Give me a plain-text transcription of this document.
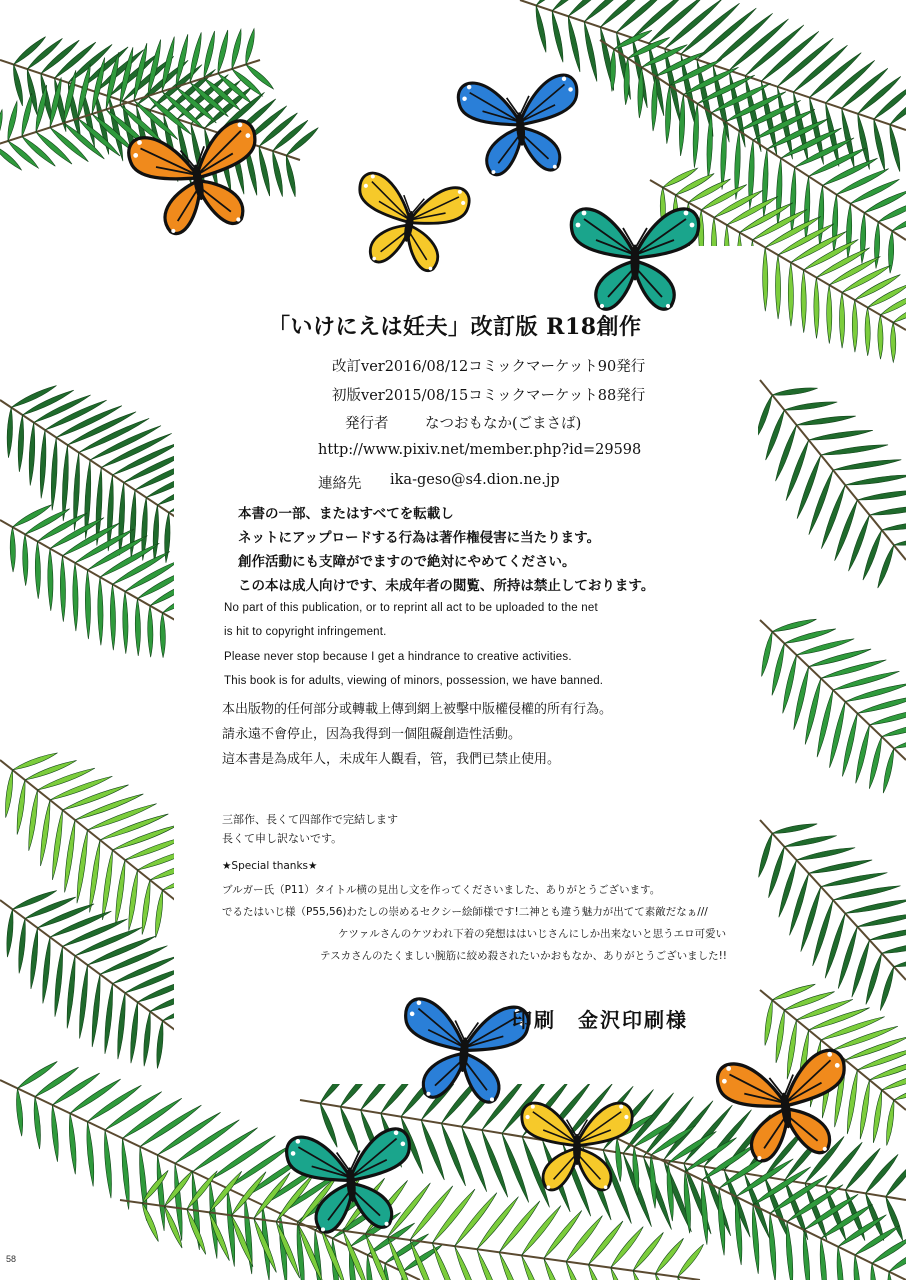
「いけにえは妊夫」改訂版 R18創作
改訂ver2016/08/12コミックマーケット90発行
初版ver2015/08/15コミックマーケット88発行
発行者	なつおもなか(ごまさば)
http://www.pixiv.net/member.php?id=29598
連絡先 ika-geso@s4.dion.ne.jp
本書の一部、またはすべてを転載し
ネットにアップロードする行為は著作権侵害に当たります。
創作活動にも支障がでますので絶対にやめてください。
この本は成人向けです、未成年者の閲覧、所持は禁止しております。
No part of this publication, or to reprint all act to be uploaded to the net
is hit to copyright infringement.
Please never stop because I get a hindrance to creative activities.
This book is for adults, viewing of minors, possession, we have banned.
本出版物的任何部分或轉載上傳到網上被擊中版權侵權的所有行為。
請永遠不會停止，因為我得到一個阻礙創造性活動。
這本書是為成年人，未成年人觀看，管，我們已禁止使用。
三部作、長くて四部作で完結します
長くて申し訳ないです。
★Special thanks★
ブルガー氏（P11）タイトル横の見出し文を作ってくださいました、ありがとうございます。
でるたはいじ様（P55,56)わたしの崇めるセクシー絵師様です!二神とも違う魅力が出てて素敵だなぁ///
ケツァルさんのケツわれ下着の発想ははいじさんにしか出来ないと思うエロ可愛い
テスカさんのたくましい腕筋に絞め殺されたいかおもなか、ありがとうございました!!
印刷　金沢印刷様
58
